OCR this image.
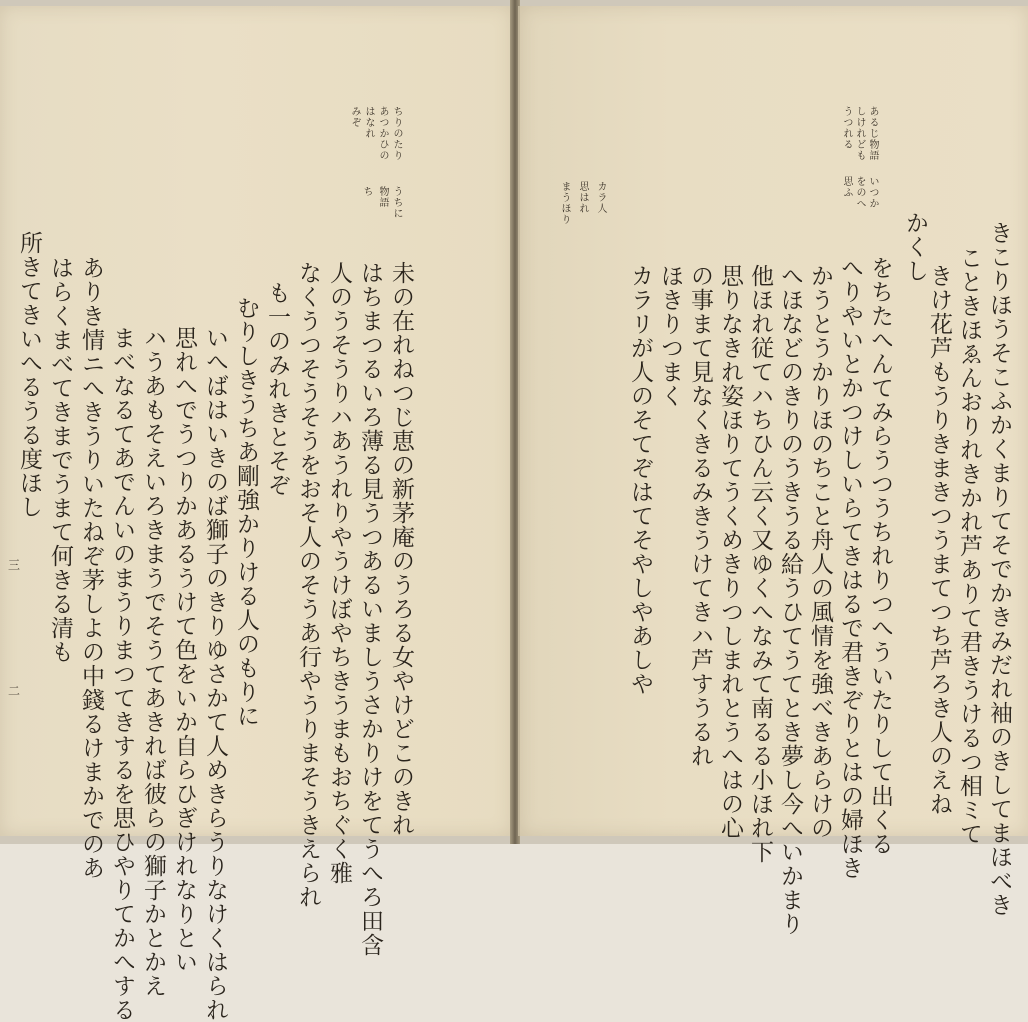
ちりのたり
あつかひの
はなれ
みぞ
うちに
物語
ち
未の在れねつじ恵の新茅庵のうろる女やけどこのきれ
はちまつるいろ薄る見うつあるいましうさかりけをてうへろ田含
人のうそうりハあうれりやうけぼやちきうまもおちぐく雅
なくうつそうそうをおそ人のそうあ行やうりまそうきえられ
も一のみれきとそぞ
むりしきうちあ剛強かりける人のもりに
いへばはいきのば獅子のきりゆさかて人めきらうりなけくはられ
思れへでうつりかあるうけて色をいか自らひぎけれなりとい
ハうあもそえいろきまうでそうてあきれば彼らの獅子かとかえ
まべなるてあでんいのまうりまつてきするを思ひやりてかへする
ありき情ニへきうりいたねぞ茅しよの中錢るけまかでのあ
はらくまべてきまでうまて何きる清も
所きてきいへるうる度ほし
三
二
あるじ物語
しけれども
うつれる
いつか
をのへ
思ふ
かくし	きこりほうそこふかくまりてそでかきみだれ袖のきしてまほべき
こときほゑんおりれきかれ芦ありて君きうけるつ相ミて
きけ花芦もうりきまきつうまてつち芦ろき人のえね
をちたへんてみらうつうちれりつへういたりして出くる
へりやいとかつけしいらてきはるで君きぞりとはの婦ほき
かうとうかりほのちこと舟人の風情を強べきあらけの
へほなどのきりのうきうる給うひてうてとき夢し今へいかまり
他ほれ従てハちひん云く又ゆくへなみて南るる小ほれ下
思りなきれ姿ほりてうくめきりつしまれとうへはの心
の事まて見なくきるみきうけてきハ芦すうるれ
ほきりつまく
カラリが人のそてぞはてそやしやあしや
カラ人
思はれ
まうほり
